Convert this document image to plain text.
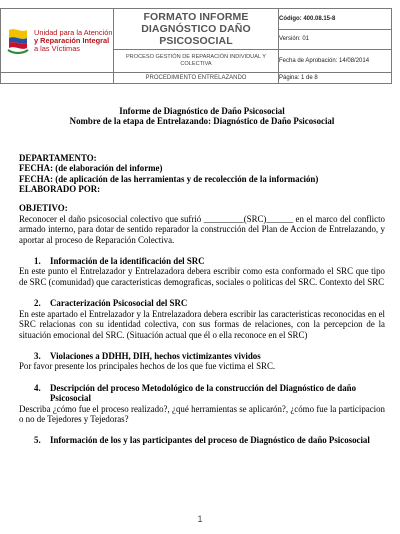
Unidad para la Atención
y Reparación Integral
a las Víctimas	FORMATO INFORME DIAGNÓSTICO DAÑO PSICOSOCIAL	Código: 400.08.15-8
		Versión: 01
	PROCESO GESTIÓN DE REPARACIÓN INDIVIDUAL Y COLECTIVA	Fecha de Aprobación: 14/08/2014
	PROCEDIMIENTO ENTRELAZANDO	Página: 1 de 8
Informe de Diagnóstico de Daño Psicosocial
Nombre de la etapa de Entrelazando: Diagnóstico de Daño Psicosocial
DEPARTAMENTO:
FECHA: (de elaboración del informe)
FECHA: (de aplicación de las herramientas y de recolección de la información)
ELABORADO POR:
OBJETIVO:
Reconocer el daño psicosocial colectivo que sufrió _________(SRC)______ en el marco del conflicto armado interno, para dotar de sentido reparador la construcción del Plan de Accion de Entrelazando, y aportar al proceso de Reparación Colectiva.
1. Información de la identificación del SRC
En este punto el Entrelazador y Entrelazadora debera escribir como esta conformado el SRC que tipo de SRC (comunidad) que caracteristicas demograficas, sociales o politicas del SRC. Contexto del SRC
2. Caracterización Psicosocial del SRC
En este apartado el Entrelazador y la Entrelazadora debera escribir las caracteristicas reconocidas en el SRC relacionas con su identidad colectiva, con sus formas de relaciones, con la percepcion de la situación emocional del SRC. (Situación actual que él o ella reconoce en el SRC)
3. Violaciones a DDHH, DIH, hechos victimizantes vividos
Por favor presente los principales hechos de los que fue victima el SRC.
4.	Descripción del proceso Metodológico de la construcción del Diagnóstico de daño Psicosocial
Describa ¿cómo fue el proceso realizado?, ¿qué herramientas se aplicarón?, ¿cómo fue la participacion o no de Tejedores y Tejedoras?
5. Información de los y las participantes del proceso de Diagnóstico de daño Psicosocial
1
